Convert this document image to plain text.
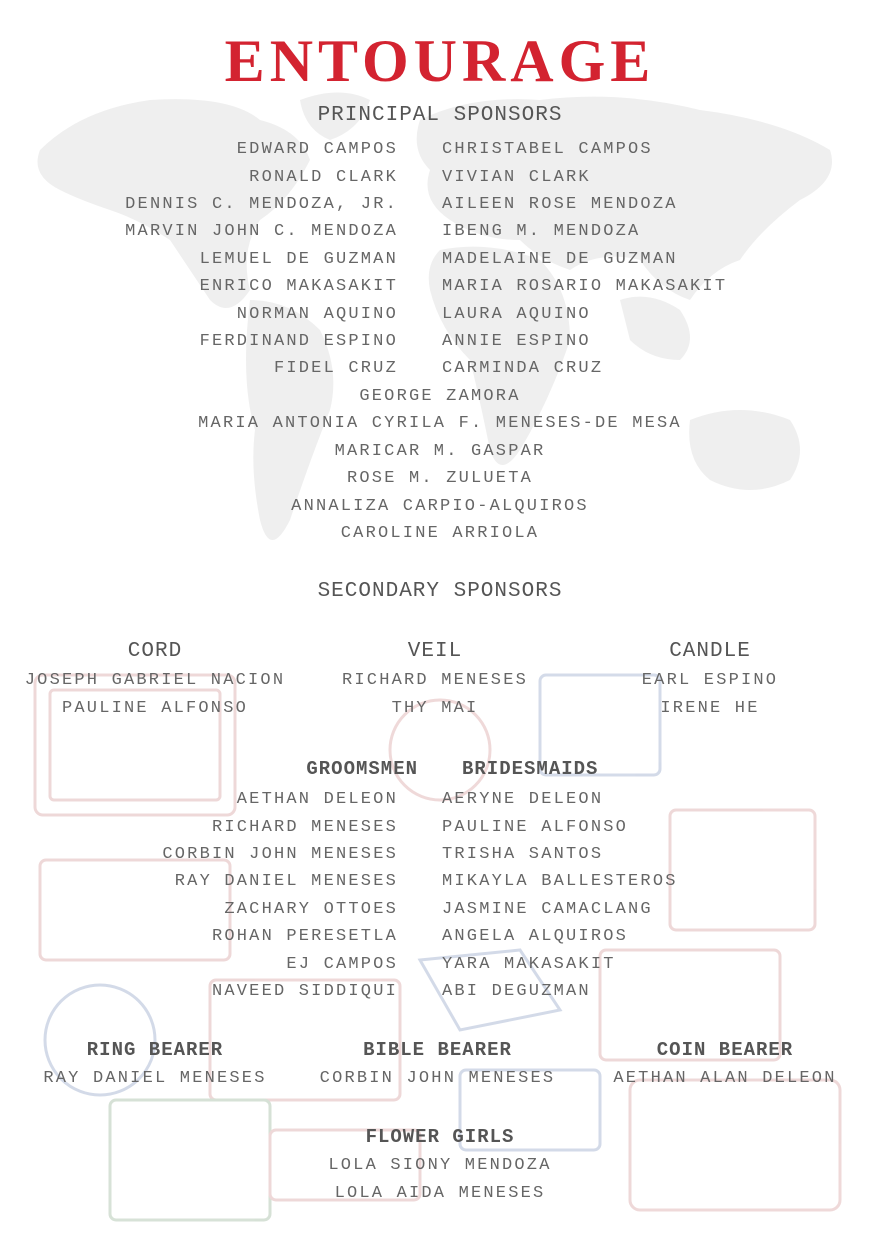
ENTOURAGE
PRINCIPAL SPONSORS
EDWARD CAMPOS	CHRISTABEL CAMPOS
RONALD CLARK	VIVIAN CLARK
DENNIS C. MENDOZA, JR.	AILEEN ROSE MENDOZA
MARVIN JOHN C. MENDOZA	IBENG M. MENDOZA
LEMUEL DE GUZMAN	MADELAINE DE GUZMAN
ENRICO MAKASAKIT	MARIA ROSARIO MAKASAKIT
NORMAN AQUINO	LAURA AQUINO
FERDINAND ESPINO	ANNIE ESPINO
FIDEL CRUZ	CARMINDA CRUZ
GEORGE ZAMORA
MARIA ANTONIA CYRILA F. MENESES-DE MESA
MARICAR M. GASPAR
ROSE M. ZULUETA
ANNALIZA CARPIO-ALQUIROS
CAROLINE ARRIOLA
SECONDARY SPONSORS
CORD
JOSEPH GABRIEL NACION
PAULINE ALFONSO
VEIL
RICHARD MENESES
THY MAI
CANDLE
EARL ESPINO
IRENE HE
GROOMSMEN BRIDESMAIDS
AETHAN DELEON	AERYNE DELEON
RICHARD MENESES	PAULINE ALFONSO
CORBIN JOHN MENESES	TRISHA SANTOS
RAY DANIEL MENESES	MIKAYLA BALLESTEROS
ZACHARY OTTOES	JASMINE CAMACLANG
ROHAN PERESETLA	ANGELA ALQUIROS
EJ CAMPOS	YARA MAKASAKIT
NAVEED SIDDIQUI	ABI DEGUZMAN
RING BEARER
RAY DANIEL MENESES
BIBLE BEARER
CORBIN JOHN MENESES
COIN BEARER
AETHAN ALAN DELEON
FLOWER GIRLS
LOLA SIONY MENDOZA
LOLA AIDA MENESES
